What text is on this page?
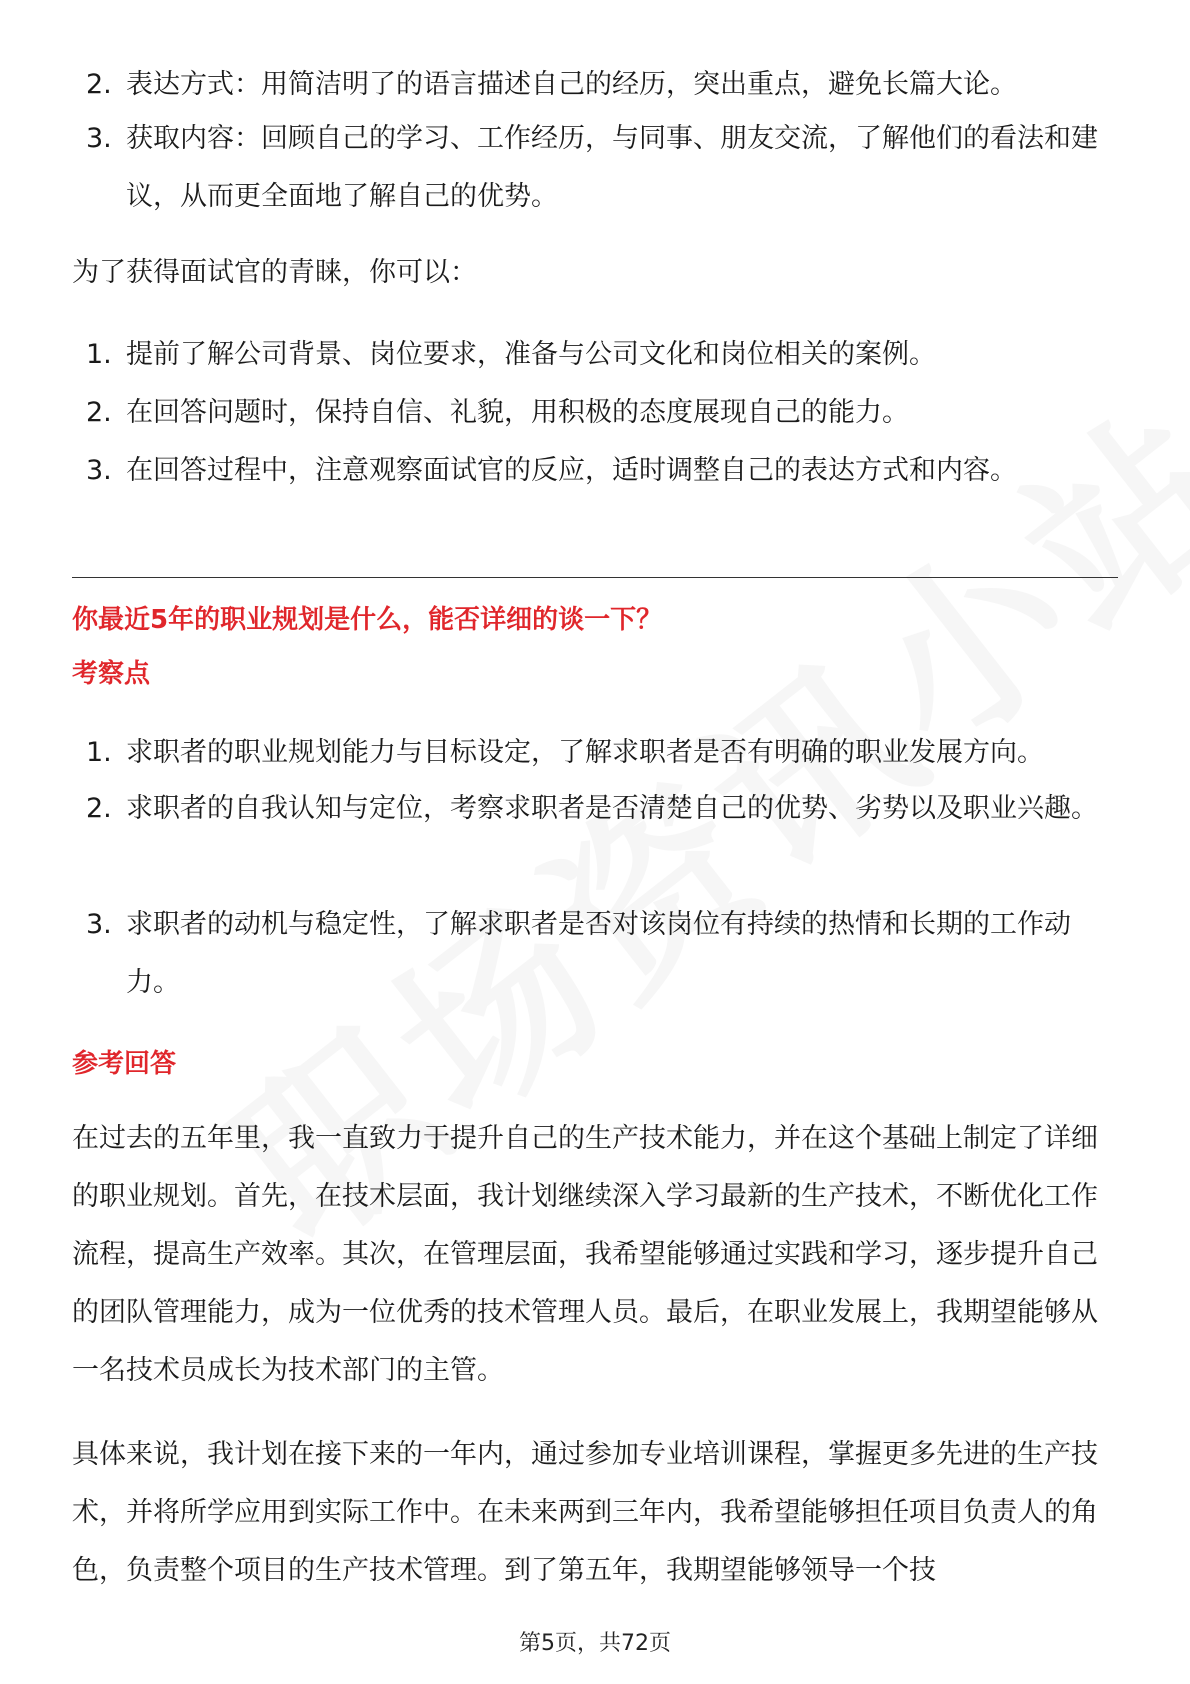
2. 表达方式：用简洁明了的语言描述自己的经历，突出重点，避免长篇大论。
3. 获取内容：回顾自己的学习、工作经历，与同事、朋友交流，了解他们的看法和建议，从而更全面地了解自己的优势。
为了获得面试官的青睐，你可以：
1. 提前了解公司背景、岗位要求，准备与公司文化和岗位相关的案例。
2. 在回答问题时，保持自信、礼貌，用积极的态度展现自己的能力。
3. 在回答过程中，注意观察面试官的反应，适时调整自己的表达方式和内容。
你最近5年的职业规划是什么，能否详细的谈一下？
考察点
1. 求职者的职业规划能力与目标设定，了解求职者是否有明确的职业发展方向。
2. 求职者的自我认知与定位，考察求职者是否清楚自己的优势、劣势以及职业兴趣。
3. 求职者的动机与稳定性，了解求职者是否对该岗位有持续的热情和长期的工作动力。
参考回答
在过去的五年里，我一直致力于提升自己的生产技术能力，并在这个基础上制定了详细的职业规划。首先，在技术层面，我计划继续深入学习最新的生产技术，不断优化工作流程，提高生产效率。其次，在管理层面，我希望能够通过实践和学习，逐步提升自己的团队管理能力，成为一位优秀的技术管理人员。最后，在职业发展上，我期望能够从一名技术员成长为技术部门的主管。
具体来说，我计划在接下来的一年内，通过参加专业培训课程，掌握更多先进的生产技术，并将所学应用到实际工作中。在未来两到三年内，我希望能够担任项目负责人的角色，负责整个项目的生产技术管理。到了第五年，我期望能够领导一个技
第5页，共72页
